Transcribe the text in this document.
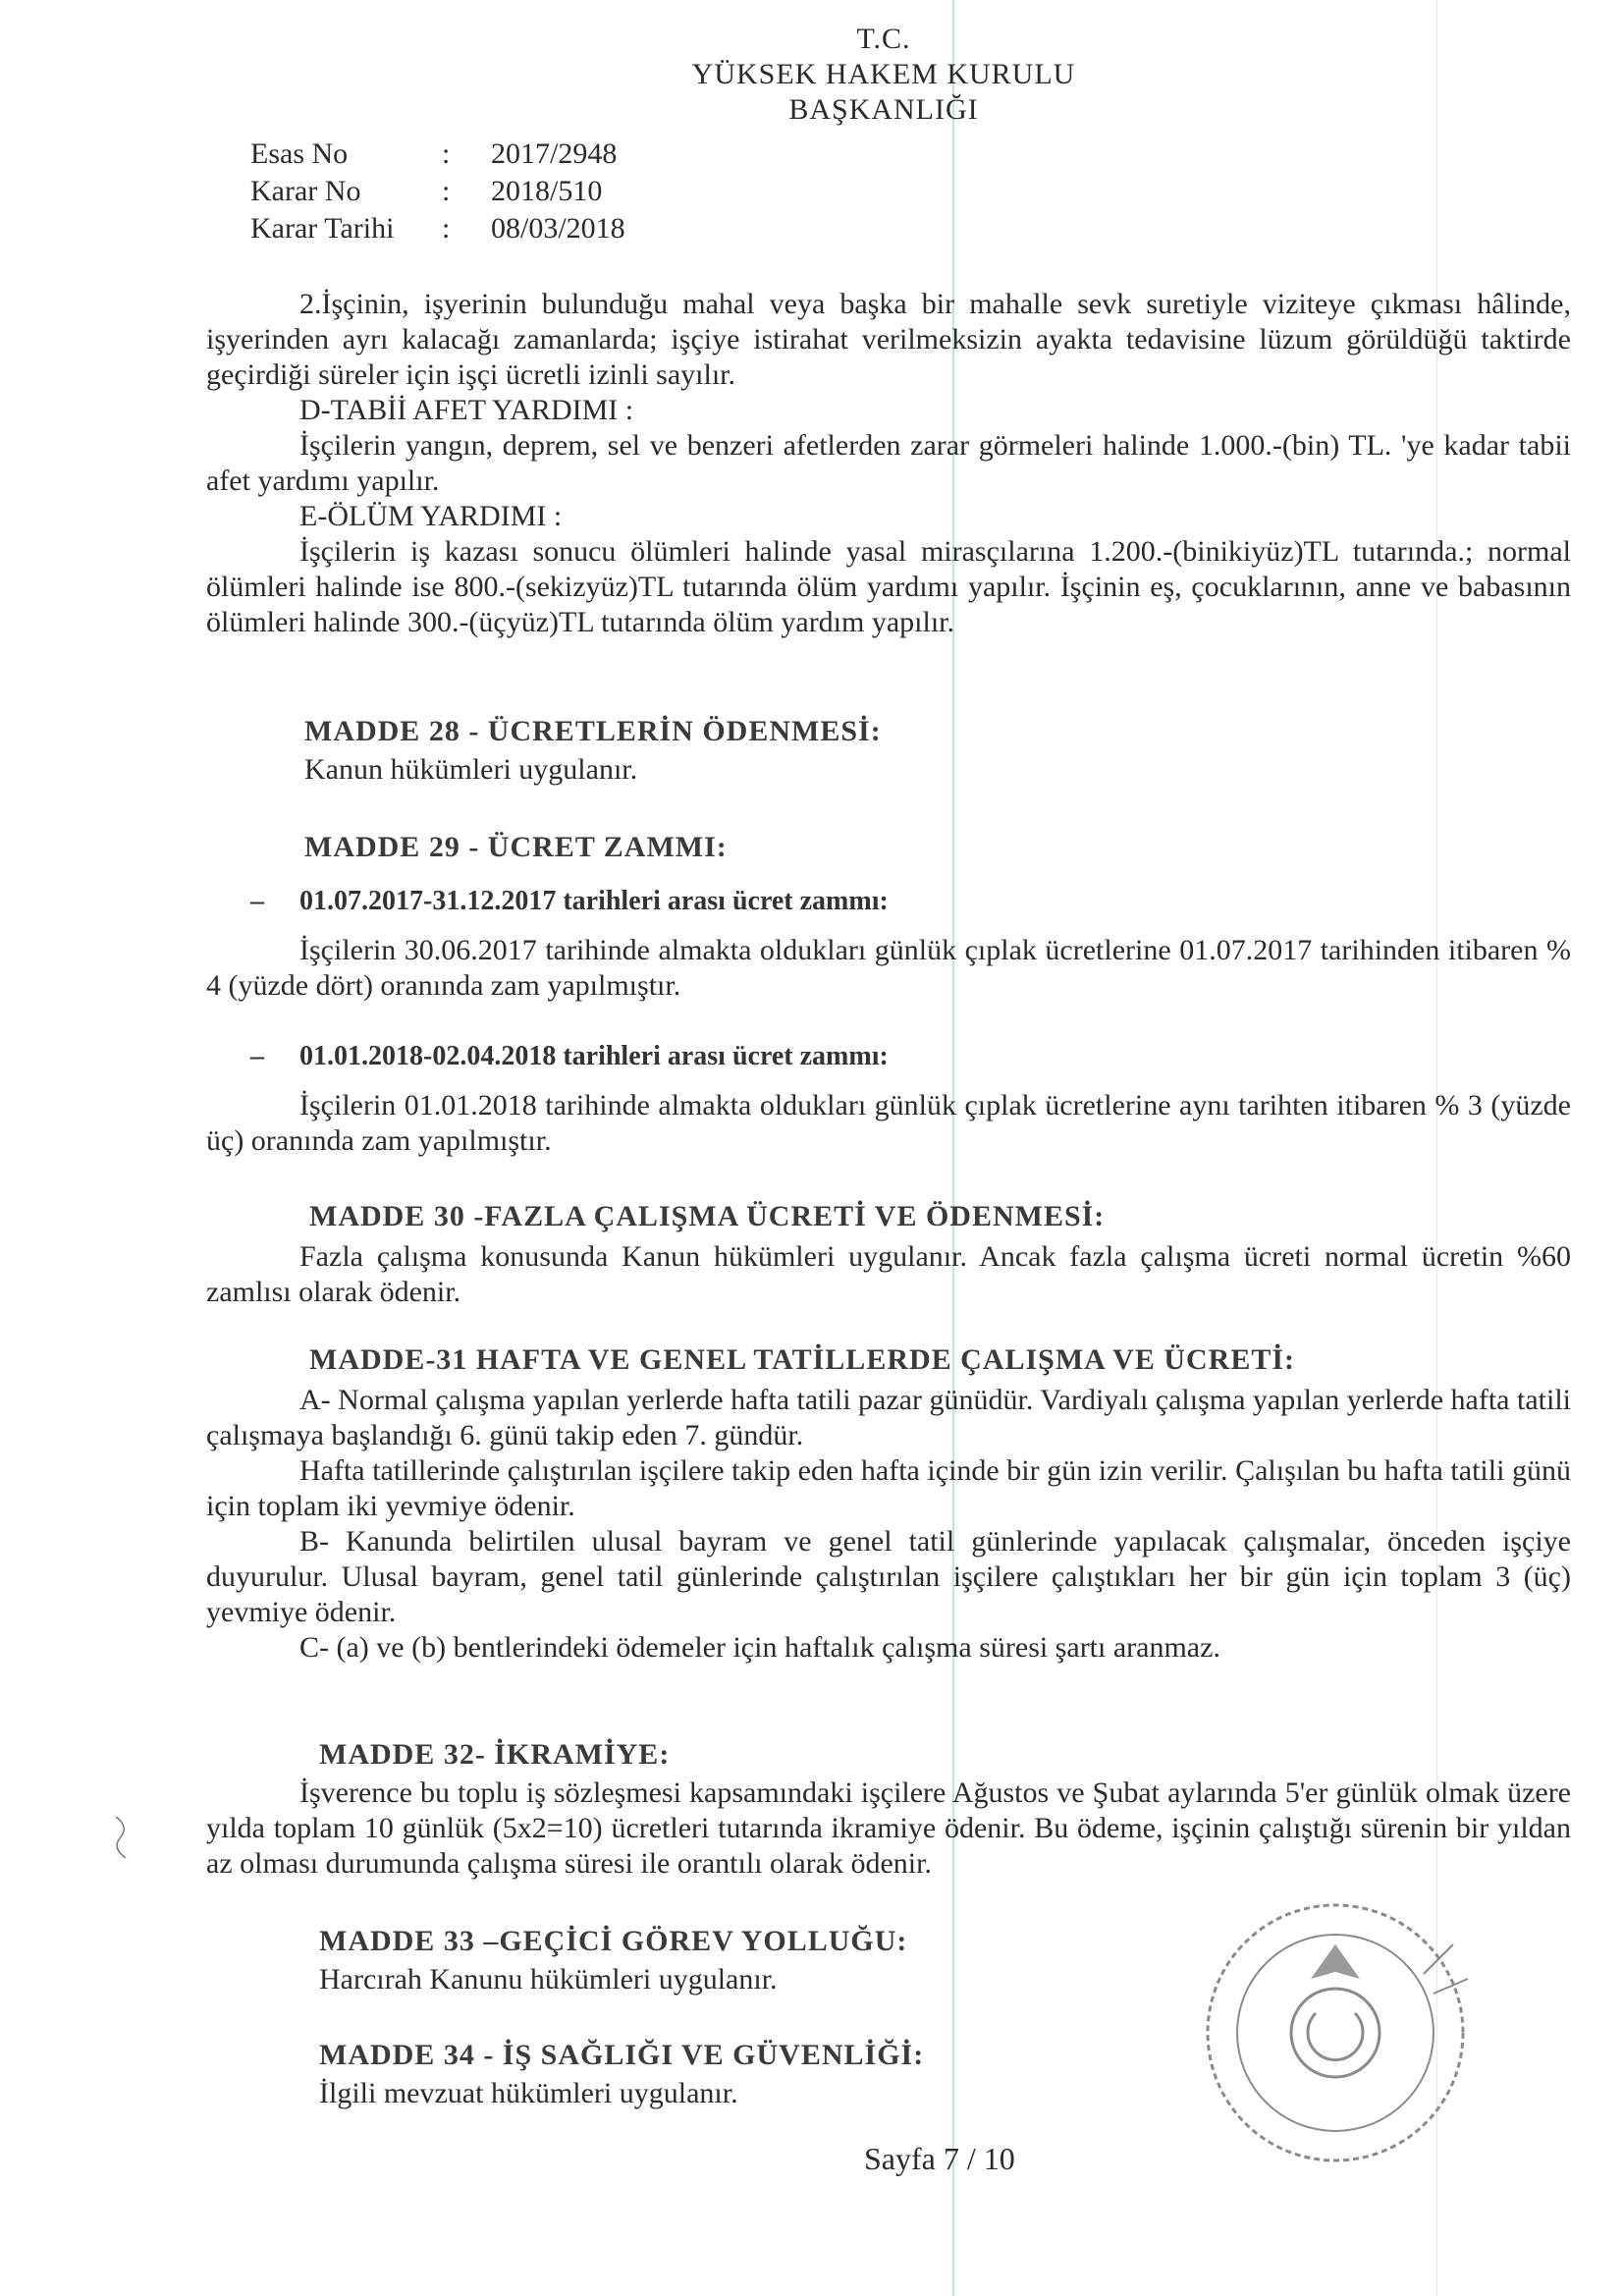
T.C.
YÜKSEK HAKEM KURULU
BAŞKANLIĞI
Esas No	:	2017/2948
Karar No	:	2018/510
Karar Tarihi	:	08/03/2018

2.İşçinin, işyerinin bulunduğu mahal veya başka bir mahalle sevk suretiyle viziteye çıkması hâlinde, işyerinden ayrı kalacağı zamanlarda; işçiye istirahat verilmeksizin ayakta tedavisine lüzum görüldüğü taktirde geçirdiği süreler için işçi ücretli izinli sayılır.

D-TABİİ AFET YARDIMI :

İşçilerin yangın, deprem, sel ve benzeri afetlerden zarar görmeleri halinde 1.000.-(bin) TL. 'ye kadar tabii afet yardımı yapılır.

E-ÖLÜM YARDIMI :

İşçilerin iş kazası sonucu ölümleri halinde yasal mirasçılarına 1.200.-(binikiyüz)TL tutarında.; normal ölümleri halinde ise 800.-(sekizyüz)TL tutarında ölüm yardımı yapılır. İşçinin eş, çocuklarının, anne ve babasının ölümleri halinde 300.-(üçyüz)TL tutarında ölüm yardım yapılır.

MADDE 28 - ÜCRETLERİN ÖDENMESİ:
Kanun hükümleri uygulanır.
MADDE 29 - ÜCRET ZAMMI:
– 01.07.2017-31.12.2017 tarihleri arası ücret zammı:

İşçilerin 30.06.2017 tarihinde almakta oldukları günlük çıplak ücretlerine 01.07.2017 tarihinden itibaren % 4 (yüzde dört) oranında zam yapılmıştır.

– 01.01.2018-02.04.2018 tarihleri arası ücret zammı:

İşçilerin 01.01.2018 tarihinde almakta oldukları günlük çıplak ücretlerine aynı tarihten itibaren % 3 (yüzde üç) oranında zam yapılmıştır.

MADDE 30 -FAZLA ÇALIŞMA ÜCRETİ VE ÖDENMESİ:

Fazla çalışma konusunda Kanun hükümleri uygulanır. Ancak fazla çalışma ücreti normal ücretin %60 zamlısı olarak ödenir.

MADDE-31 HAFTA VE GENEL TATİLLERDE ÇALIŞMA VE ÜCRETİ:

A- Normal çalışma yapılan yerlerde hafta tatili pazar günüdür. Vardiyalı çalışma yapılan yerlerde hafta tatili çalışmaya başlandığı 6. günü takip eden 7. gündür.

Hafta tatillerinde çalıştırılan işçilere takip eden hafta içinde bir gün izin verilir. Çalışılan bu hafta tatili günü için toplam iki yevmiye ödenir.

B- Kanunda belirtilen ulusal bayram ve genel tatil günlerinde yapılacak çalışmalar, önceden işçiye duyurulur. Ulusal bayram, genel tatil günlerinde çalıştırılan işçilere çalıştıkları her bir gün için toplam 3 (üç) yevmiye ödenir.

C- (a) ve (b) bentlerindeki ödemeler için haftalık çalışma süresi şartı aranmaz.

MADDE 32- İKRAMİYE:

İşverence bu toplu iş sözleşmesi kapsamındaki işçilere Ağustos ve Şubat aylarında 5'er günlük olmak üzere yılda toplam 10 günlük (5x2=10) ücretleri tutarında ikramiye ödenir. Bu ödeme, işçinin çalıştığı sürenin bir yıldan az olması durumunda çalışma süresi ile orantılı olarak ödenir.

MADDE 33 –GEÇİCİ GÖREV YOLLUĞU:
Harcırah Kanunu hükümleri uygulanır.
MADDE 34 - İŞ SAĞLIĞI VE GÜVENLİĞİ:
İlgili mevzuat hükümleri uygulanır.
Sayfa 7 / 10
